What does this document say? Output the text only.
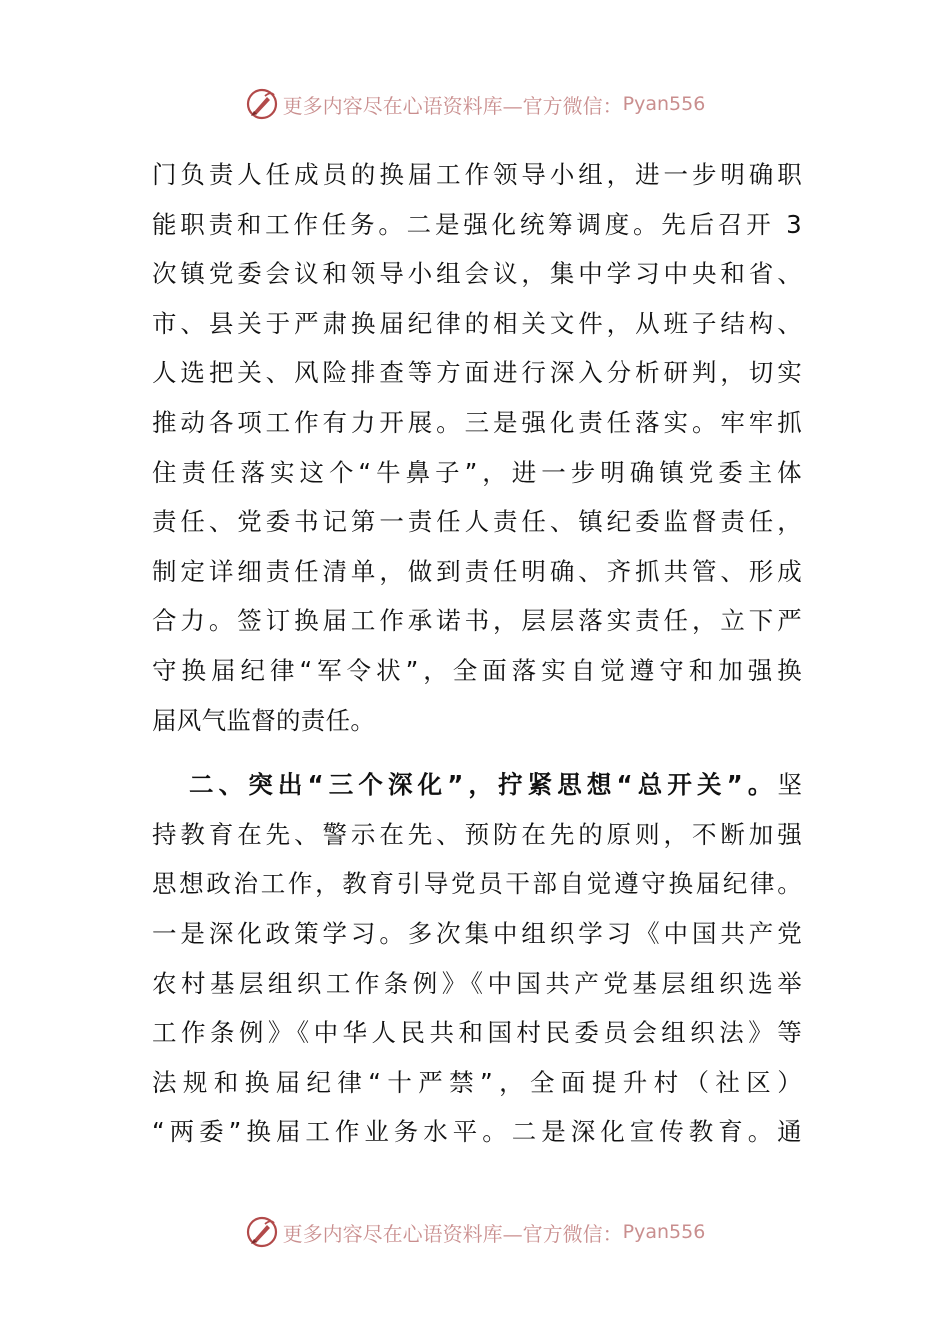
更多内容尽在心语资料库—官方微信： Pyan556
门负责人任成员的换届工作领导小组，进一步明确职
能职责和工作任务。二是强化统筹调度。先后召开 3
次镇党委会议和领导小组会议，集中学习中央和省、
市、县关于严肃换届纪律的相关文件，从班子结构、
人选把关、风险排查等方面进行深入分析研判，切实
推动各项工作有力开展。三是强化责任落实。牢牢抓
住责任落实这个“牛鼻子”，进一步明确镇党委主体
责任、党委书记第一责任人责任、镇纪委监督责任，
制定详细责任清单，做到责任明确、齐抓共管、形成
合力。签订换届工作承诺书，层层落实责任，立下严
守换届纪律“军令状”，全面落实自觉遵守和加强换
届风气监督的责任。
二、突出“三个深化”，拧紧思想“总开关”。坚
持教育在先、警示在先、预防在先的原则，不断加强
思想政治工作，教育引导党员干部自觉遵守换届纪律。
一是深化政策学习。多次集中组织学习《中国共产党
农村基层组织工作条例》《中国共产党基层组织选举
工作条例》《中华人民共和国村民委员会组织法》等
法规和换届纪律“十严禁”，全面提升村（社区）
“两委”换届工作业务水平。二是深化宣传教育。通
更多内容尽在心语资料库—官方微信： Pyan556
